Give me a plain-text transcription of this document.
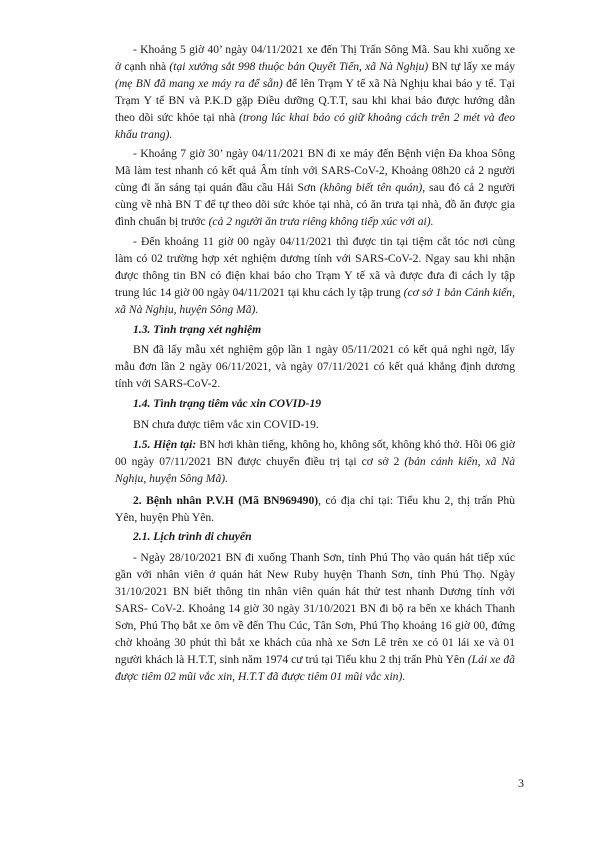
- Khoảng 5 giờ 40’ ngày 04/11/2021 xe đến Thị Trấn Sông Mã. Sau khi xuống xe ở cạnh nhà (tại xưởng sắt 998 thuộc bản Quyết Tiến, xã Nà Nghịu) BN tự lấy xe máy (mẹ BN đã mang xe máy ra để sẵn) để lên Trạm Y tế xã Nà Nghịu khai báo y tế. Tại Trạm Y tế BN và P.K.D gặp Điều dưỡng Q.T.T, sau khi khai báo được hướng dẫn theo dõi sức khỏe tại nhà (trong lúc khai báo có giữ khoảng cách trên 2 mét và đeo khẩu trang).

- Khoảng 7 giờ 30’ ngày 04/11/2021 BN đi xe máy đến Bệnh viện Đa khoa Sông Mã làm test nhanh có kết quả Âm tính với SARS-CoV-2, Khoảng 08h20 cả 2 người cùng đi ăn sáng tại quán đầu cầu Hải Sơn (không biết tên quán), sau đó cả 2 người cùng về nhà BN T để tự theo dõi sức khỏe tại nhà, có ăn trưa tại nhà, đồ ăn được gia đình chuẩn bị trước (cả 2 người ăn trưa riêng không tiếp xúc với ai).

- Đến khoảng 11 giờ 00 ngày 04/11/2021 thì được tin tại tiệm cắt tóc nơi cùng làm có 02 trường hợp xét nghiệm dương tính với SARS-CoV-2. Ngay sau khi nhận được thông tin BN có điện khai báo cho Trạm Y tế xã và được đưa đi cách ly tập trung lúc 14 giờ 00 ngày 04/11/2021 tại khu cách ly tập trung (cơ sở 1 bản Cánh kiến, xã Nà Nghịu, huyện Sông Mã).

1.3. Tình trạng xét nghiệm

BN đã lấy mẫu xét nghiệm gộp lần 1 ngày 05/11/2021 có kết quả nghi ngờ, lấy mẫu đơn lần 2 ngày 06/11/2021, và ngày 07/11/2021 có kết quả khẳng định dương tính với SARS-CoV-2.

1.4. Tình trạng tiêm vắc xin COVID-19

BN chưa được tiêm vắc xin COVID-19.

1.5. Hiện tại: BN hơi khàn tiếng, không ho, không sốt, không khó thở. Hồi 06 giờ 00 ngày 07/11/2021 BN được chuyển điều trị tại cơ sở 2 (bản cánh kiến, xã Nà Nghịu, huyện Sông Mã).

2. Bệnh nhân P.V.H (Mã BN969490), có địa chỉ tại: Tiểu khu 2, thị trấn Phù Yên, huyện Phù Yên.

2.1. Lịch trình di chuyển

- Ngày 28/10/2021 BN đi xuống Thanh Sơn, tỉnh Phú Thọ vào quán hát tiếp xúc gần với nhân viên ở quán hát New Ruby huyện Thanh Sơn, tỉnh Phú Thọ. Ngày 31/10/2021 BN biết thông tin nhân viên quán hát thử test nhanh Dương tính với SARS- CoV-2. Khoảng 14 giờ 30 ngày 31/10/2021 BN đi bộ ra bến xe khách Thanh Sơn, Phú Thọ bắt xe ôm về đến Thu Cúc, Tân Sơn, Phú Thọ khoảng 16 giờ 00, đứng chờ khoảng 30 phút thì bắt xe khách của nhà xe Sơn Lê trên xe có 01 lái xe và 01 người khách là H.T.T, sinh năm 1974 cư trú tại Tiểu khu 2 thị trấn Phù Yên (Lái xe đã được tiêm 02 mũi vắc xin, H.T.T đã được tiêm 01 mũi vắc xin).

3
